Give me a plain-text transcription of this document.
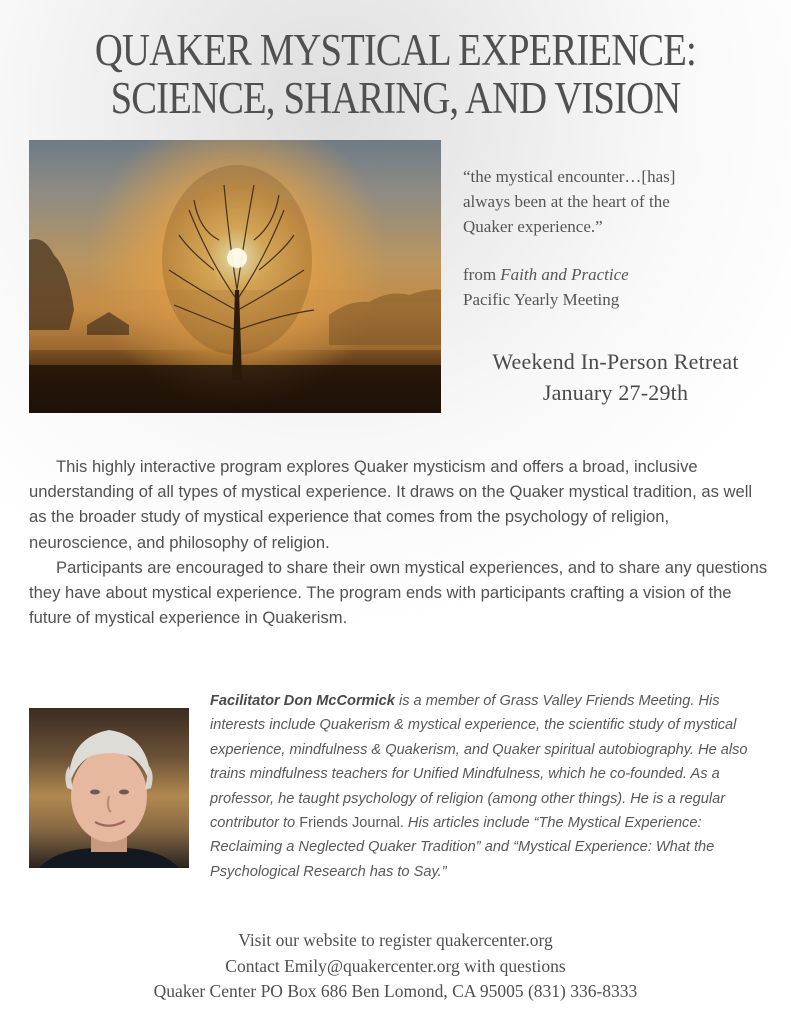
QUAKER MYSTICAL EXPERIENCE:
SCIENCE, SHARING, AND VISION
“the mystical encounter…[has]
always been at the heart of the
Quaker experience.”
from Faith and Practice
Pacific Yearly Meeting
Weekend In-Person Retreat
January 27-29th

This highly interactive program explores Quaker mysticism and offers a broad, inclusive understanding of all types of mystical experience. It draws on the Quaker mystical tradition, as well as the broader study of mystical experience that comes from the psychology of religion, neuroscience, and philosophy of religion.

Participants are encouraged to share their own mystical experiences, and to share any questions they have about mystical experience. The program ends with participants crafting a vision of the future of mystical experience in Quakerism.

Facilitator Don McCormick is a member of Grass Valley Friends Meeting. His interests include Quakerism & mystical experience, the scientific study of mystical experience, mindfulness & Quakerism, and Quaker spiritual autobiography. He also trains mindfulness teachers for Unified Mindfulness, which he co-founded. As a professor, he taught psychology of religion (among other things). He is a regular contributor to Friends Journal. His articles include “The Mystical Experience: Reclaiming a Neglected Quaker Tradition” and “Mystical Experience: What the Psychological Research has to Say.”
Visit our website to register quakercenter.org
Contact Emily@quakercenter.org with questions
Quaker Center PO Box 686 Ben Lomond, CA 95005 (831) 336-8333
